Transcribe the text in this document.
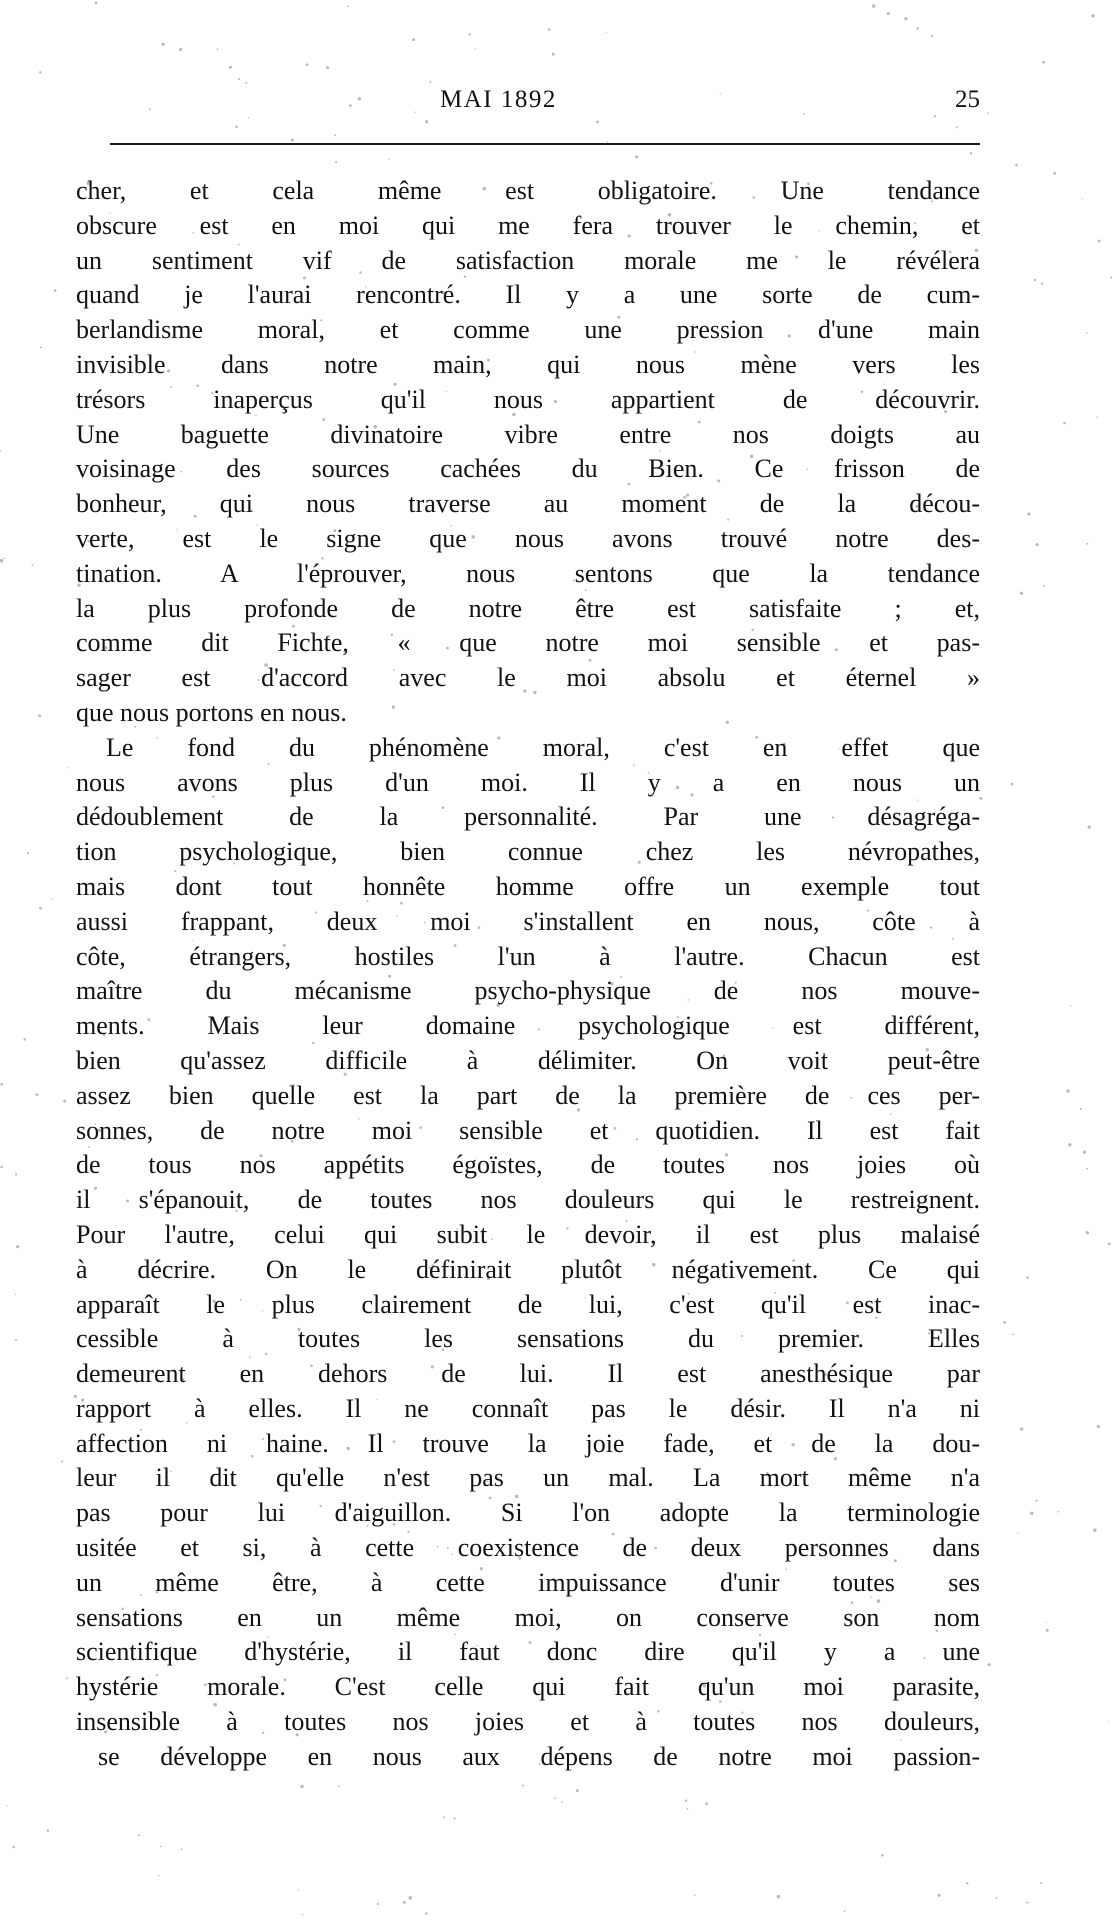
MAI 1892	25
cher, et cela même est obligatoire. Une tendance
obscure est en moi qui me fera trouver le chemin, et
un sentiment vif de satisfaction morale me le révélera
quand je l'aurai rencontré. Il y a une sorte de cum-
berlandisme moral, et comme une pression d'une main
invisible dans notre main, qui nous mène vers les
trésors inaperçus qu'il nous appartient de découvrir.
Une baguette divinatoire vibre entre nos doigts au
voisinage des sources cachées du Bien. Ce frisson de
bonheur, qui nous traverse au moment de la décou-
verte, est le signe que nous avons trouvé notre des-
tination. A l'éprouver, nous sentons que la tendance
la plus profonde de notre être est satisfaite ; et,
comme dit Fichte, « que notre moi sensible et pas-
sager est d'accord avec le moi absolu et éternel »
que nous portons en nous.
Le fond du phénomène moral, c'est en effet que
nous avons plus d'un moi. Il y a en nous un
dédoublement de la personnalité. Par une désagréga-
tion psychologique, bien connue chez les névropathes,
mais dont tout honnête homme offre un exemple tout
aussi frappant, deux moi s'installent en nous, côte à
côte, étrangers, hostiles l'un à l'autre. Chacun est
maître du mécanisme psycho-physique de nos mouve-
ments. Mais leur domaine psychologique est différent,
bien qu'assez difficile à délimiter. On voit peut-être
assez bien quelle est la part de la première de ces per-
sonnes, de notre moi sensible et quotidien. Il est fait
de tous nos appétits égoïstes, de toutes nos joies où
il s'épanouit, de toutes nos douleurs qui le restreignent.
Pour l'autre, celui qui subit le devoir, il est plus malaisé
à décrire. On le définirait plutôt négativement. Ce qui
apparaît le plus clairement de lui, c'est qu'il est inac-
cessible à toutes les sensations du premier. Elles
demeurent en dehors de lui. Il est anesthésique par
rapport à elles. Il ne connaît pas le désir. Il n'a ni
affection ni haine. Il trouve la joie fade, et de la dou-
leur il dit qu'elle n'est pas un mal. La mort même n'a
pas pour lui d'aiguillon. Si l'on adopte la terminologie
usitée et si, à cette coexistence de deux personnes dans
un même être, à cette impuissance d'unir toutes ses
sensations en un même moi, on conserve son nom
scientifique d'hystérie, il faut donc dire qu'il y a une
hystérie morale. C'est celle qui fait qu'un moi parasite,
insensible à toutes nos joies et à toutes nos douleurs,
se développe en nous aux dépens de notre moi passion-
